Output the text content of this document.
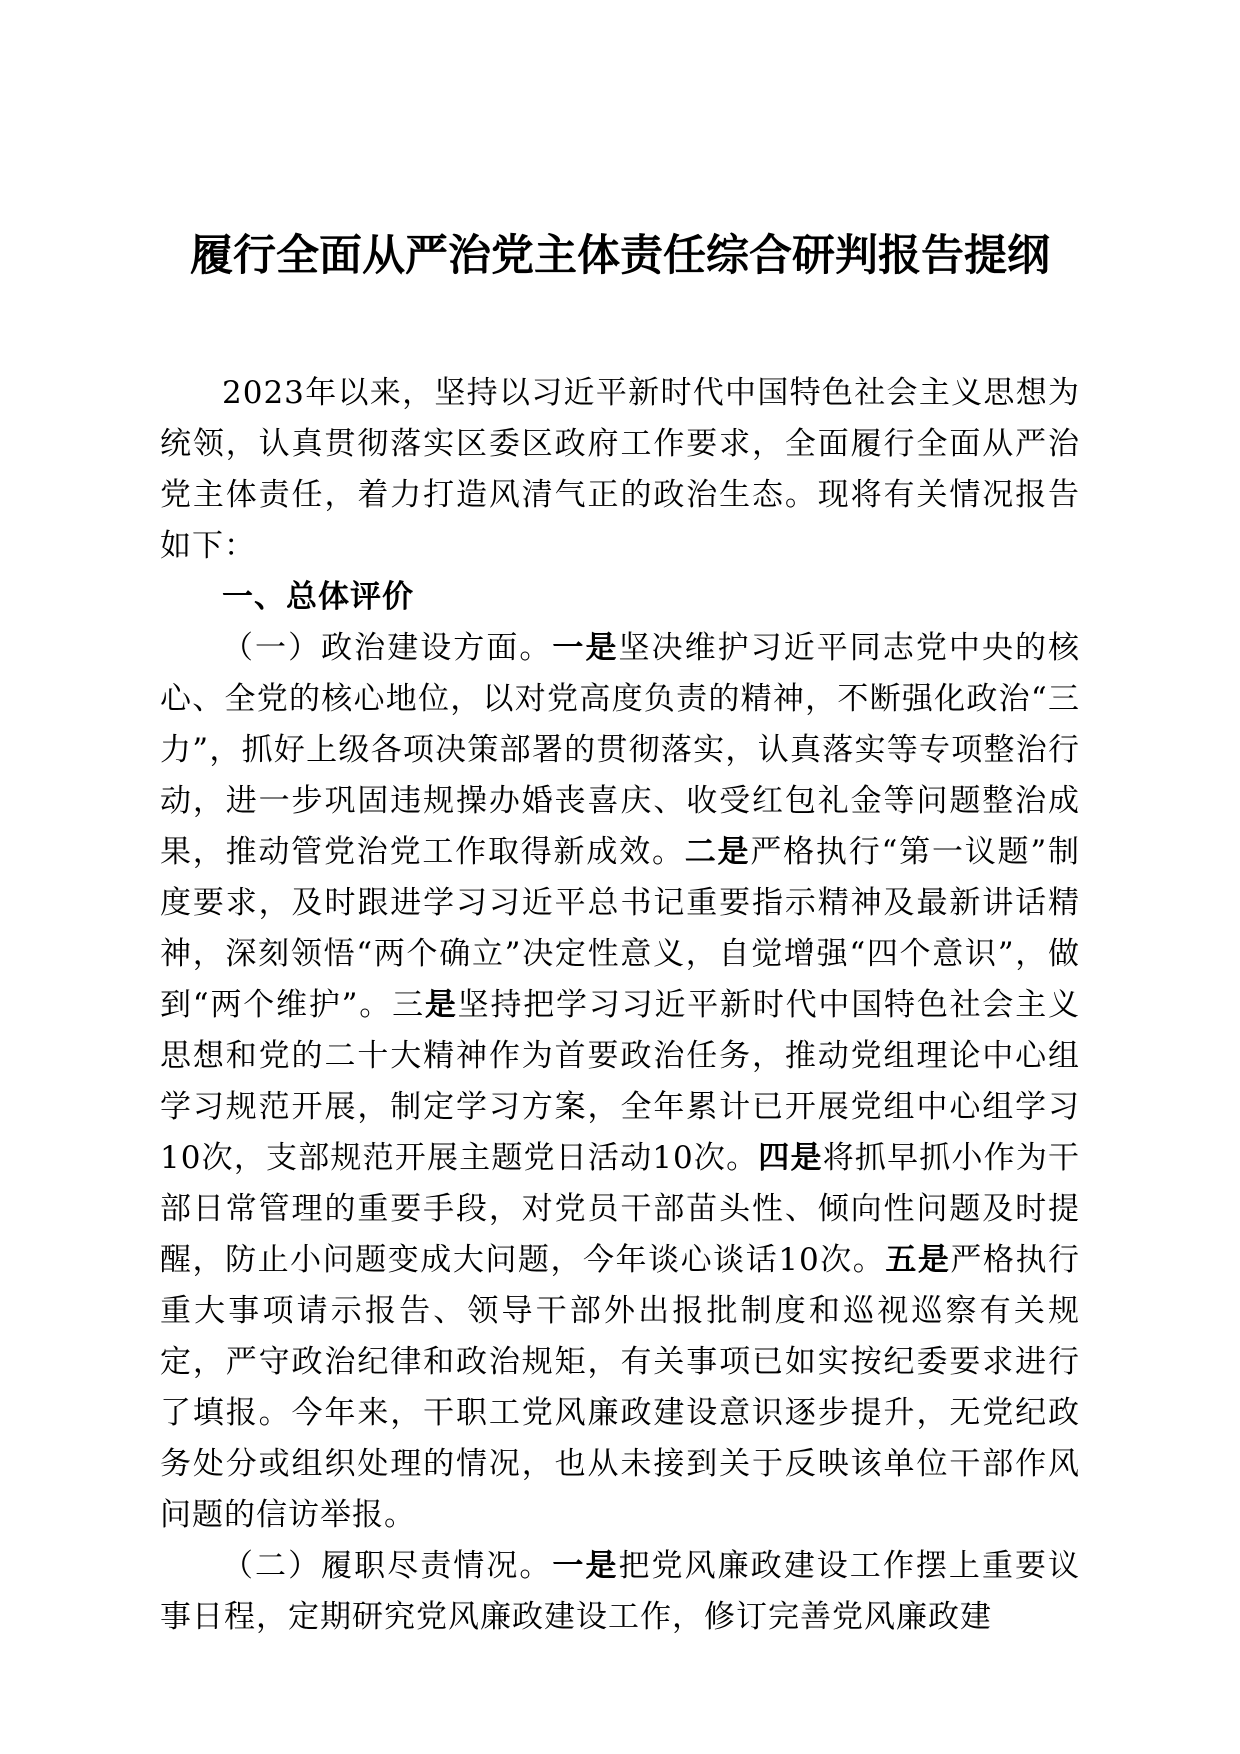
履行全面从严治党主体责任综合研判报告提纲

2023年以来，坚持以习近平新时代中国特色社会主义思想为统领，认真贯彻落实区委区政府工作要求，全面履行全面从严治党主体责任，着力打造风清气正的政治生态。现将有关情况报告如下：

一、总体评价

（一）政治建设方面。一是坚决维护习近平同志党中央的核心、全党的核心地位，以对党高度负责的精神，不断强化政治“三力”，抓好上级各项决策部署的贯彻落实，认真落实等专项整治行动，进一步巩固违规操办婚丧喜庆、收受红包礼金等问题整治成果，推动管党治党工作取得新成效。二是严格执行“第一议题”制度要求，及时跟进学习习近平总书记重要指示精神及最新讲话精神，深刻领悟“两个确立”决定性意义，自觉增强“四个意识”，做到“两个维护”。三是坚持把学习习近平新时代中国特色社会主义思想和党的二十大精神作为首要政治任务，推动党组理论中心组学习规范开展，制定学习方案，全年累计已开展党组中心组学习10次，支部规范开展主题党日活动10次。四是将抓早抓小作为干部日常管理的重要手段，对党员干部苗头性、倾向性问题及时提醒，防止小问题变成大问题，今年谈心谈话10次。五是严格执行重大事项请示报告、领导干部外出报批制度和巡视巡察有关规定，严守政治纪律和政治规矩，有关事项已如实按纪委要求进行了填报。今年来，干职工党风廉政建设意识逐步提升，无党纪政务处分或组织处理的情况，也从未接到关于反映该单位干部作风问题的信访举报。

（二）履职尽责情况。一是把党风廉政建设工作摆上重要议事日程，定期研究党风廉政建设工作，修订完善党风廉政建
